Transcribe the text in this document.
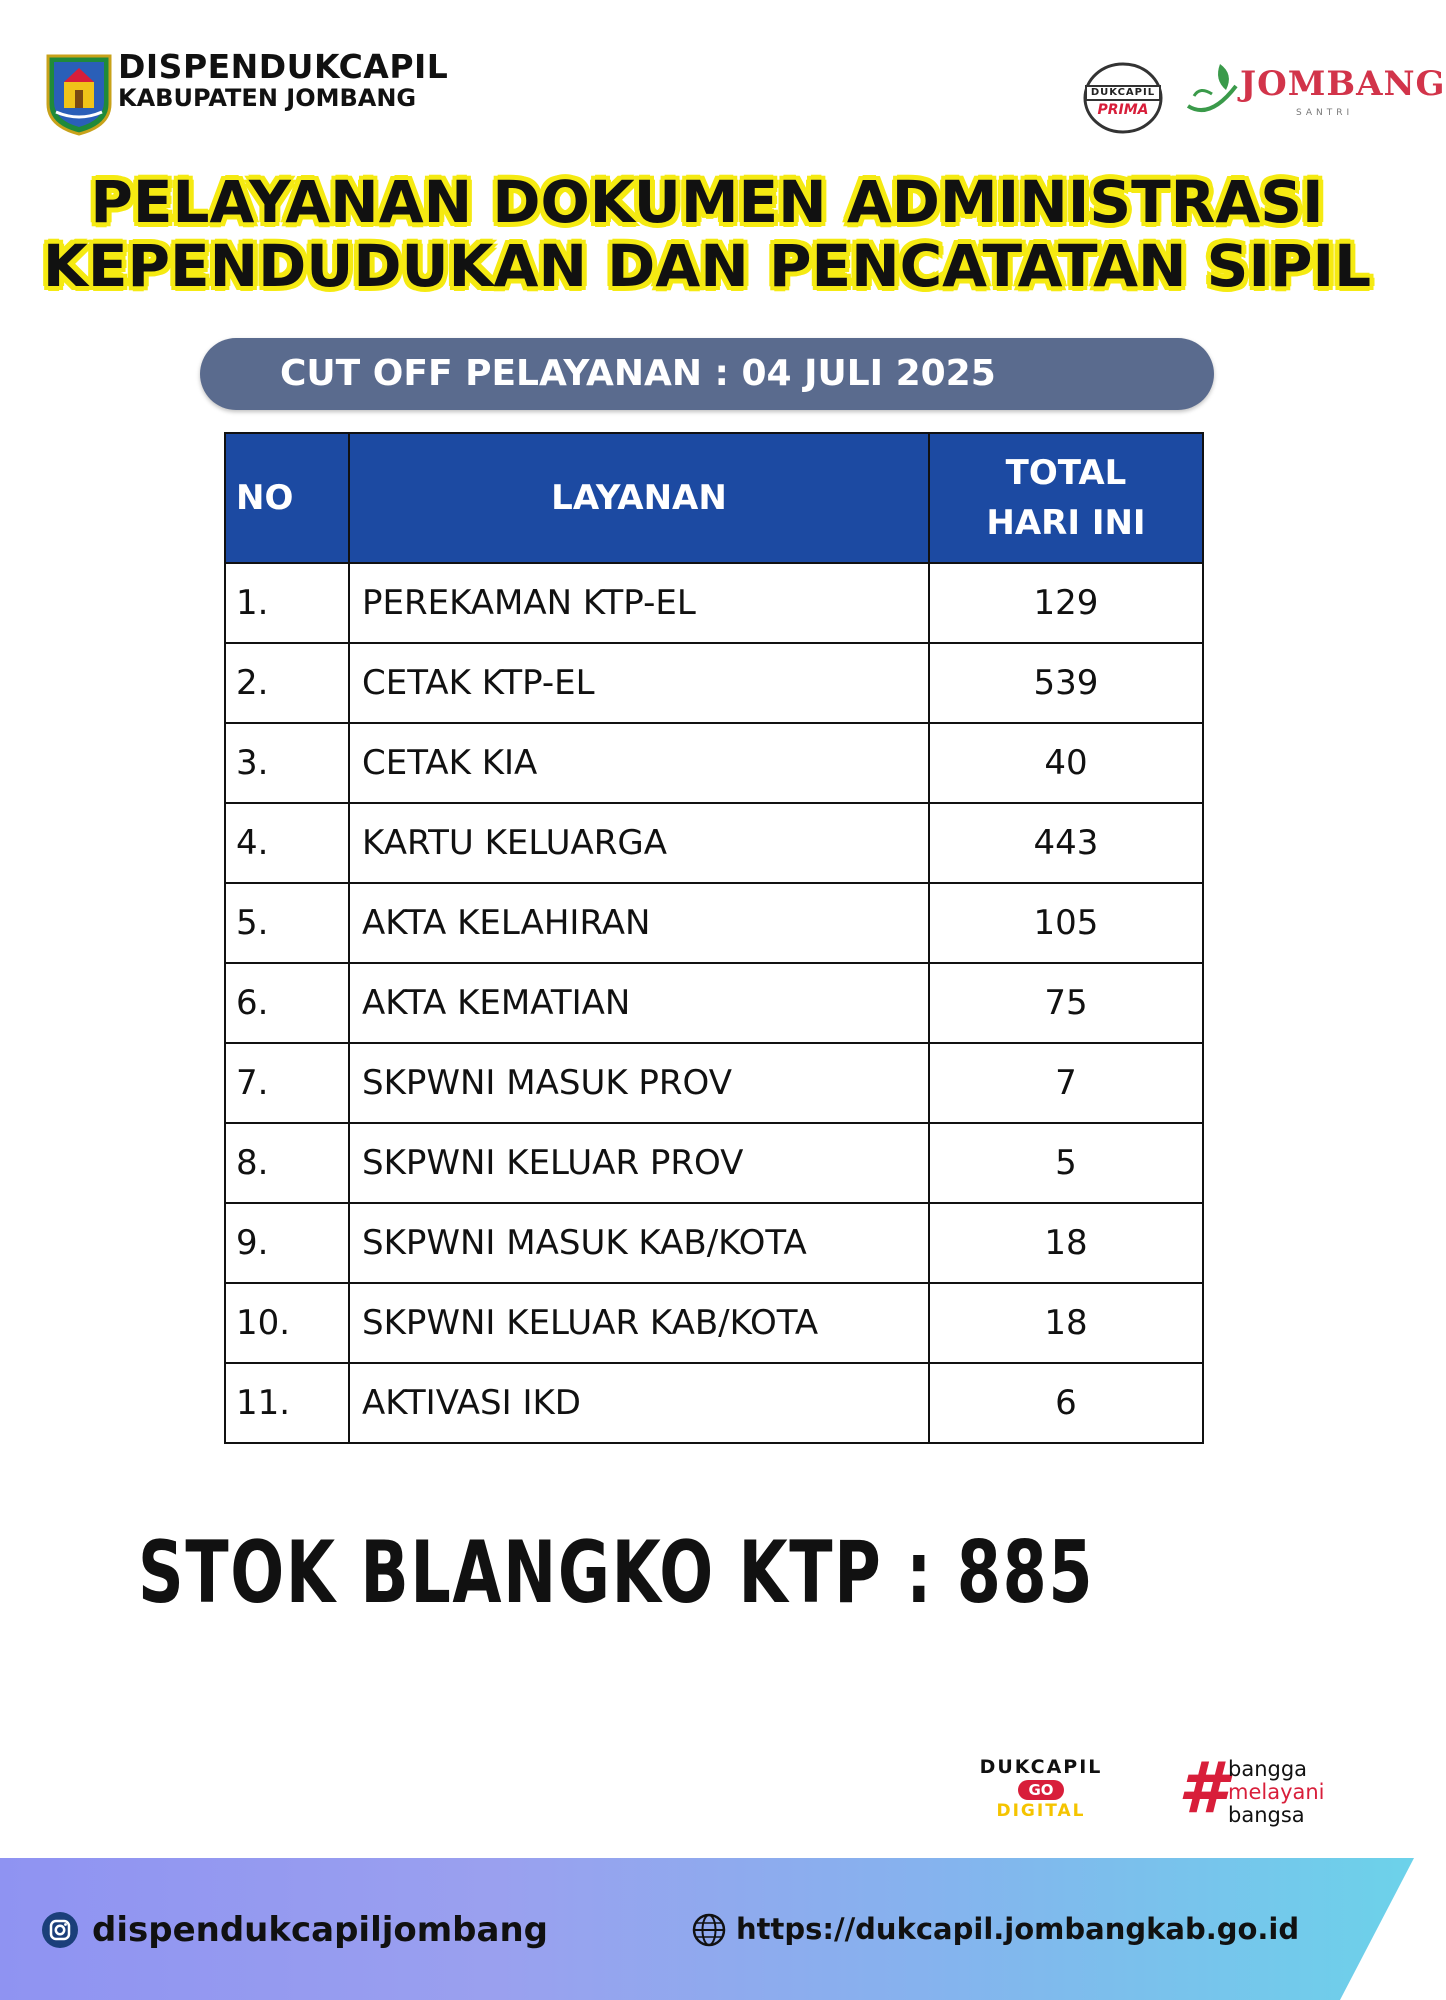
DISPENDUKCAPIL
KABUPATEN JOMBANG	DUKCAPIL
PRIMA
JOMBANG
SANTRI
PELAYANAN DOKUMEN ADMINISTRASI
KEPENDUDUKAN DAN PENCATATAN SIPIL
CUT OFF PELAYANAN : 04 JULI 2025
NO	LAYANAN	TOTAL
HARI INI

1.	PEREKAMAN KTP-EL	129
2.	CETAK KTP-EL	539
3.	CETAK KIA	40
4.	KARTU KELUARGA	443
5.	AKTA KELAHIRAN	105
6.	AKTA KEMATIAN	75
7.	SKPWNI MASUK PROV	7
8.	SKPWNI KELUAR PROV	5
9.	SKPWNI MASUK KAB/KOTA	18
10.	SKPWNI KELUAR KAB/KOTA	18
11.	AKTIVASI IKD	6
STOK BLANGKO KTP : 885
DUKCAPIL
GO
DIGITAL	# bangga
melayani
bangsa
dispendukcapiljombang	https://dukcapil.jombangkab.go.id
